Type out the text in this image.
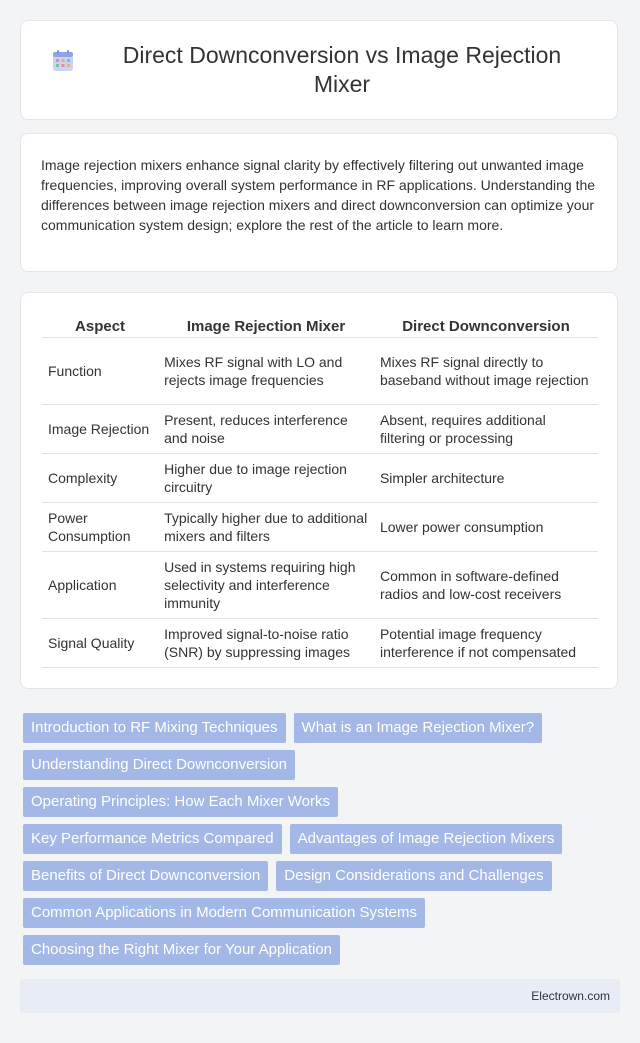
Direct Downconversion vs Image Rejection Mixer

Image rejection mixers enhance signal clarity by effectively filtering out unwanted image frequencies, improving overall system performance in RF applications. Understanding the differences between image rejection mixers and direct downconversion can optimize your communication system design; explore the rest of the article to learn more.

Aspect	Image Rejection Mixer	Direct Downconversion
Function	Mixes RF signal with LO and rejects image frequencies	Mixes RF signal directly to baseband without image rejection
Image Rejection	Present, reduces interference and noise	Absent, requires additional filtering or processing
Complexity	Higher due to image rejection circuitry	Simpler architecture
Power Consumption	Typically higher due to additional mixers and filters	Lower power consumption
Application	Used in systems requiring high selectivity and interference immunity	Common in software-defined radios and low-cost receivers
Signal Quality	Improved signal-to-noise ratio (SNR) by suppressing images	Potential image frequency interference if not compensated
Introduction to RF Mixing Techniques	What is an Image Rejection Mixer?
Understanding Direct Downconversion
Operating Principles: How Each Mixer Works
Key Performance Metrics Compared	Advantages of Image Rejection Mixers
Benefits of Direct Downconversion	Design Considerations and Challenges
Common Applications in Modern Communication Systems
Choosing the Right Mixer for Your Application
Electrown.com
